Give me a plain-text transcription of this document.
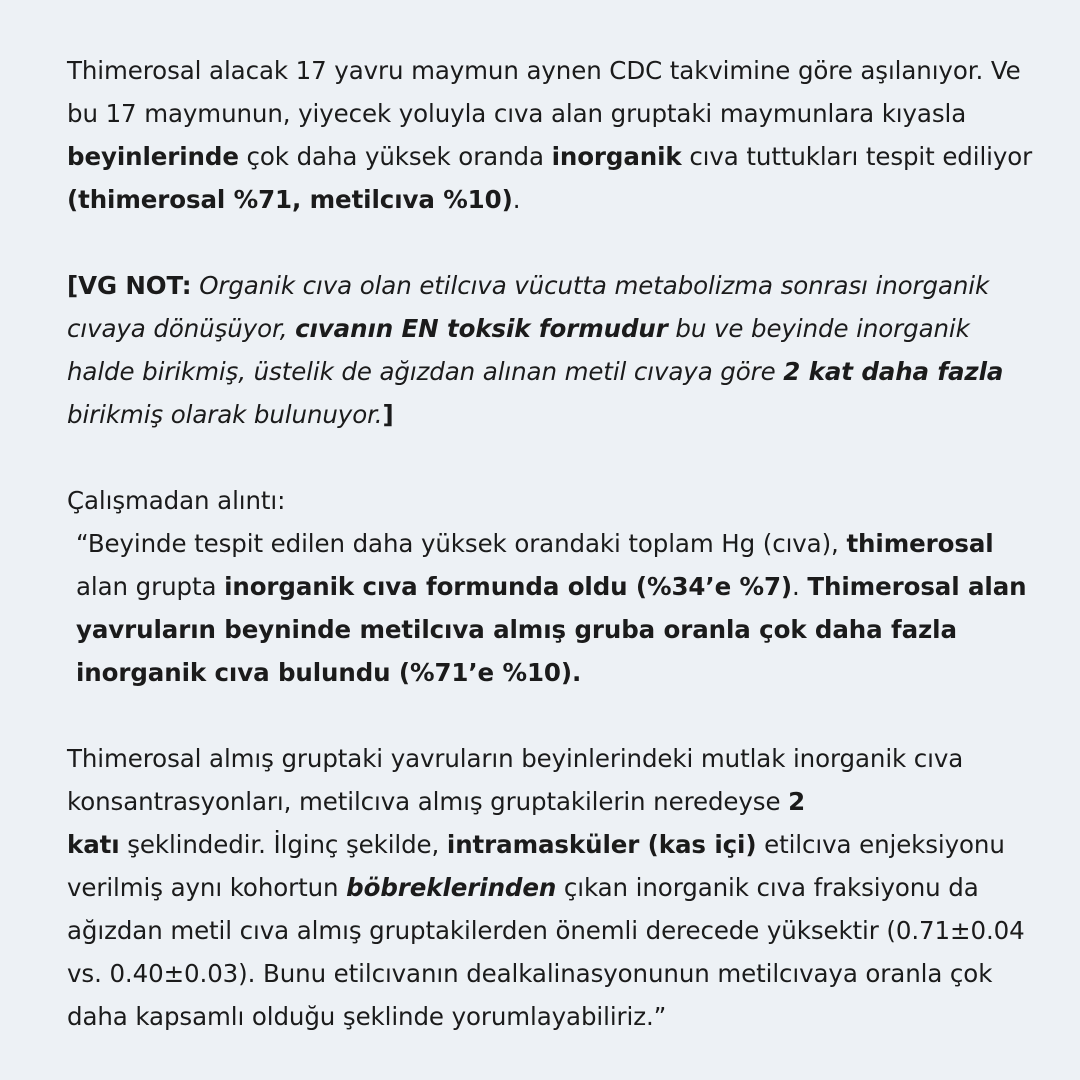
Thimerosal alacak 17 yavru maymun aynen CDC takvimine göre aşılanıyor. Ve bu 17 maymunun, yiyecek yoluyla cıva alan gruptaki maymunlara kıyasla beyinlerinde çok daha yüksek oranda inorganik cıva tuttukları tespit ediliyor (thimerosal %71, metilcıva %10).

[VG NOT: Organik cıva olan etilcıva vücutta metabolizma sonrası inorganik cıvaya dönüşüyor, cıvanın EN toksik formudur bu ve beyinde inorganik halde birikmiş, üstelik de ağızdan alınan metil cıvaya göre 2 kat daha fazla birikmiş olarak bulunuyor.]

Çalışmadan alıntı:

“Beyinde tespit edilen daha yüksek orandaki toplam Hg (cıva), thimerosal alan grupta inorganik cıva formunda oldu (%34’e %7). Thimerosal alan yavruların beyninde metilcıva almış gruba oranla çok daha fazla inorganik cıva bulundu (%71’e %10).

Thimerosal almış gruptaki yavruların beyinlerindeki mutlak inorganik cıva konsantrasyonları, metilcıva almış gruptakilerin neredeyse 2
katı şeklindedir. İlginç şekilde, intramasküler (kas içi) etilcıva enjeksiyonu verilmiş aynı kohortun böbreklerinden çıkan inorganik cıva fraksiyonu da ağızdan metil cıva almış gruptakilerden önemli derecede yüksektir (0.71±0.04 vs. 0.40±0.03). Bunu etilcıvanın dealkalinasyonunun metilcıvaya oranla çok daha kapsamlı olduğu şeklinde yorumlayabiliriz.”
